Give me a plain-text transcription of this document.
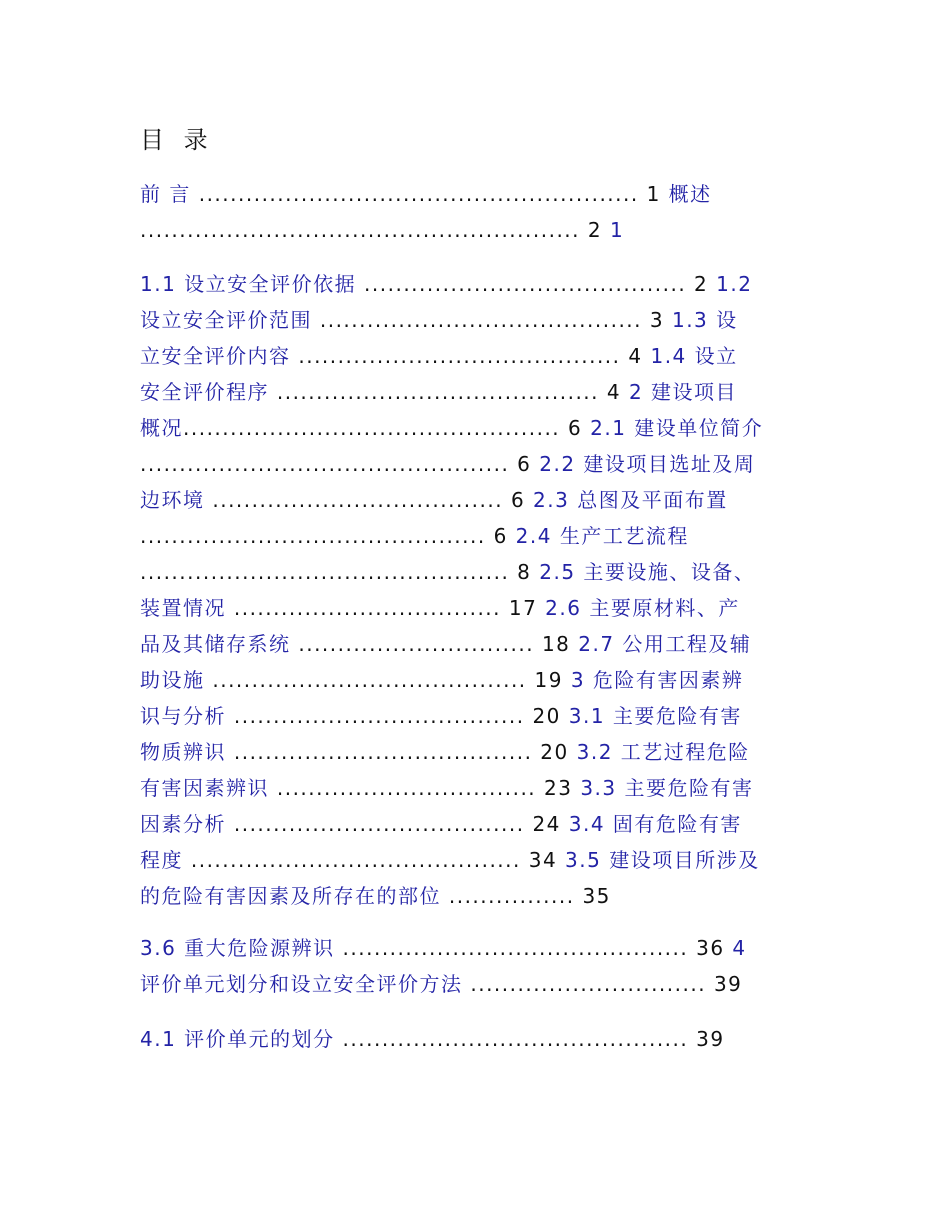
目 录
前 言 ........................................................ 1 概述
........................................................ 2 1
1.1 设立安全评价依据 ......................................... 2 1.2
设立安全评价范围 ......................................... 3 1.3 设
立安全评价内容 ......................................... 4 1.4 设立
安全评价程序 ......................................... 4 2 建设项目
概况................................................ 6 2.1 建设单位简介
............................................... 6 2.2 建设项目选址及周
边环境 ..................................... 6 2.3 总图及平面布置
............................................ 6 2.4 生产工艺流程
............................................... 8 2.5 主要设施、设备、
装置情况 .................................. 17 2.6 主要原材料、产
品及其储存系统 .............................. 18 2.7 公用工程及辅
助设施 ........................................ 19 3 危险有害因素辨
识与分析 ..................................... 20 3.1 主要危险有害
物质辨识 ...................................... 20 3.2 工艺过程危险
有害因素辨识 ................................. 23 3.3 主要危险有害
因素分析 ..................................... 24 3.4 固有危险有害
程度 .......................................... 34 3.5 建设项目所涉及
的危险有害因素及所存在的部位 ................ 35
3.6 重大危险源辨识 ............................................ 36 4
评价单元划分和设立安全评价方法 .............................. 39
4.1 评价单元的划分 ............................................ 39
